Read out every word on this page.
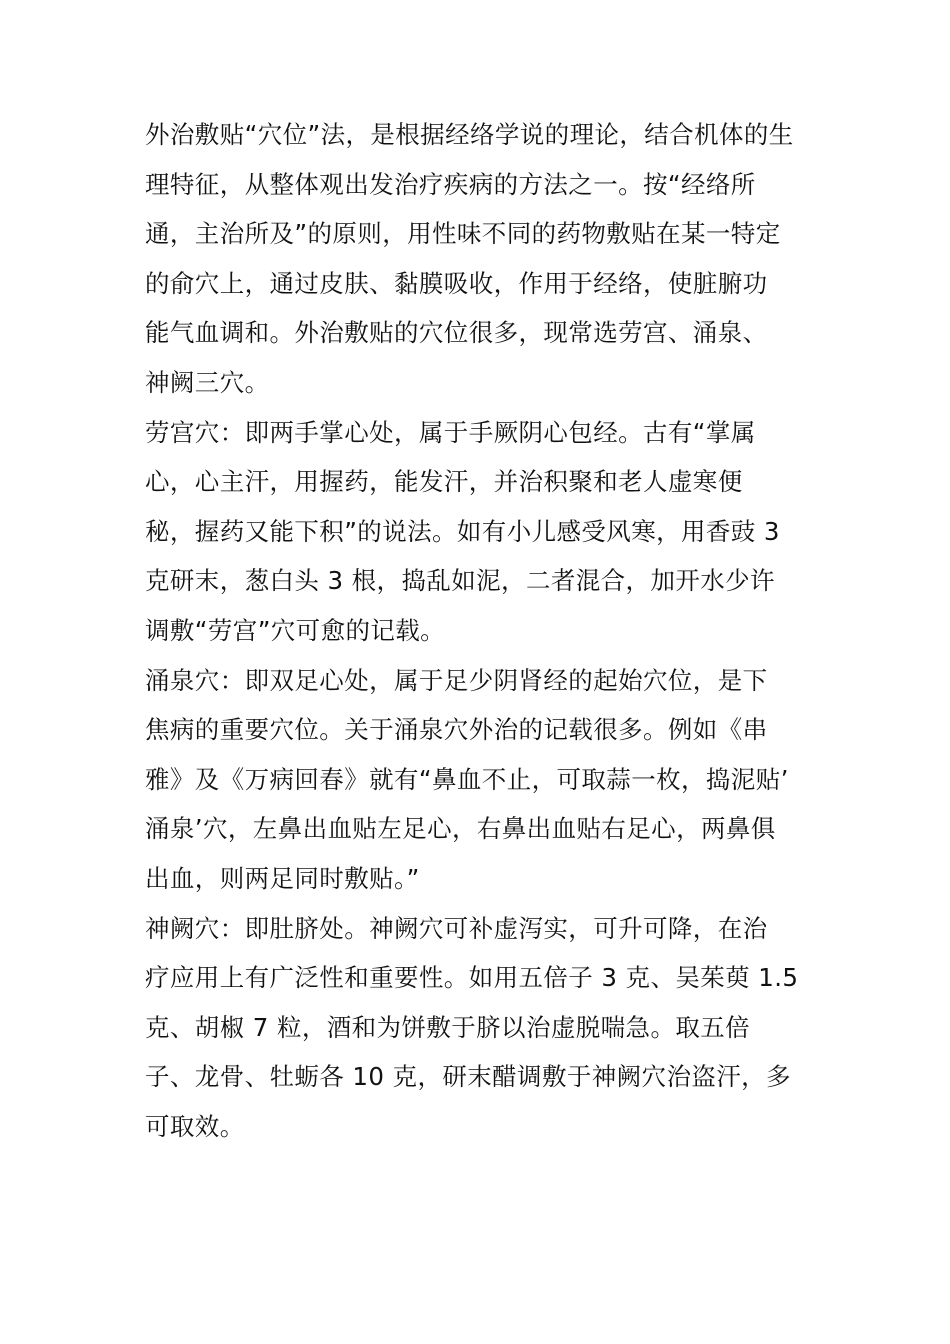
外治敷贴“穴位”法，是根据经络学说的理论，结合机体的生
理特征，从整体观出发治疗疾病的方法之一。按“经络所
通，主治所及”的原则，用性味不同的药物敷贴在某一特定
的俞穴上，通过皮肤、黏膜吸收，作用于经络，使脏腑功
能气血调和。外治敷贴的穴位很多，现常选劳宫、涌泉、
神阙三穴。
劳宫穴：即两手掌心处，属于手厥阴心包经。古有“掌属
心，心主汗，用握药，能发汗，并治积聚和老人虚寒便
秘，握药又能下积”的说法。如有小儿感受风寒，用香豉 3
克研末，葱白头 3 根，捣乱如泥，二者混合，加开水少许
调敷“劳宫”穴可愈的记载。
涌泉穴：即双足心处，属于足少阴肾经的起始穴位，是下
焦病的重要穴位。关于涌泉穴外治的记载很多。例如《串
雅》及《万病回春》就有“鼻血不止，可取蒜一枚，捣泥贴’
涌泉’穴，左鼻出血贴左足心，右鼻出血贴右足心，两鼻俱
出血，则两足同时敷贴。”
神阙穴：即肚脐处。神阙穴可补虚泻实，可升可降，在治
疗应用上有广泛性和重要性。如用五倍子 3 克、吴茱萸 1.5
克、胡椒 7 粒，酒和为饼敷于脐以治虚脱喘急。取五倍
子、龙骨、牡蛎各 10 克，研末醋调敷于神阙穴治盗汗，多
可取效。
